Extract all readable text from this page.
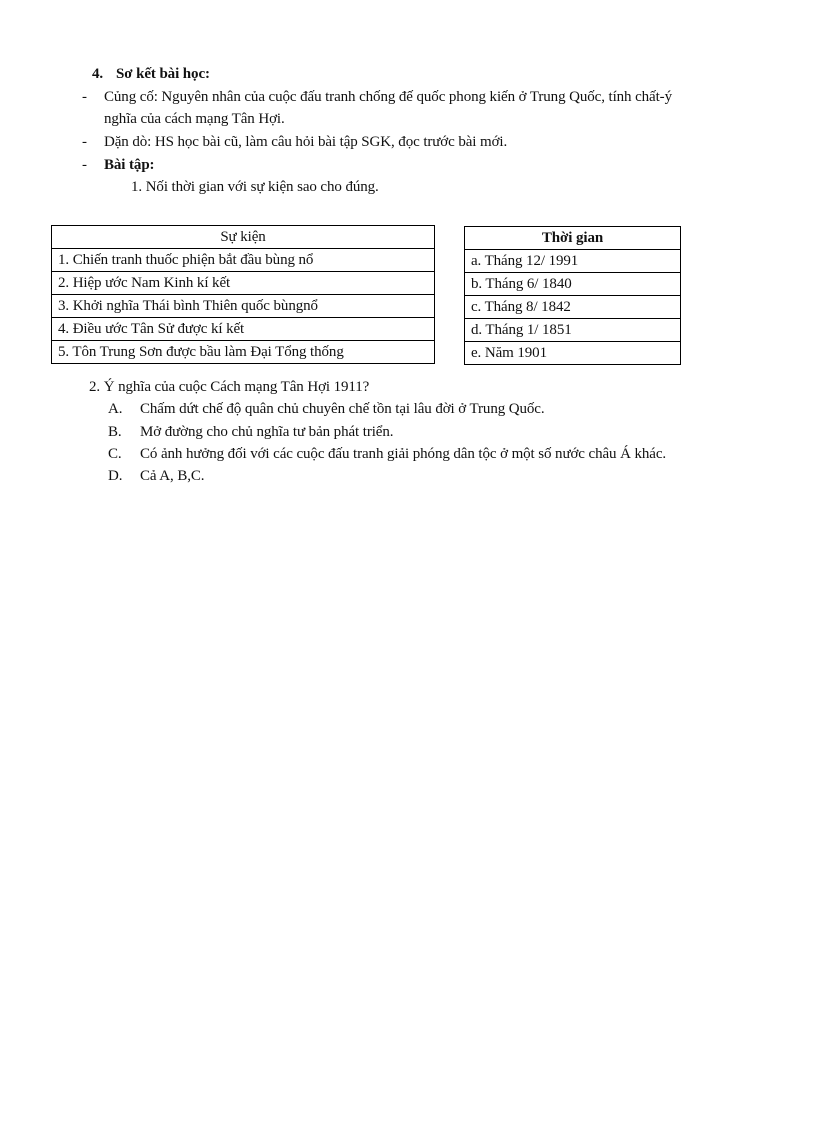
4. Sơ kết bài học:
- Củng cố: Nguyên nhân của cuộc đấu tranh chống đế quốc phong kiến ở Trung Quốc, tính chất-ý
nghĩa của cách mạng Tân Hợi.
- Dặn dò: HS học bài cũ, làm câu hỏi bài tập SGK, đọc trước bài mới.
- Bài tập:
1. Nối thời gian với sự kiện sao cho đúng.
Sự kiện
1. Chiến tranh thuốc phiện bắt đầu bùng nổ
2. Hiệp ước Nam Kinh kí kết
3. Khởi nghĩa Thái bình Thiên quốc bùngnổ
4. Điều ước Tân Sử được kí kết
5. Tôn Trung Sơn được bầu làm Đại Tổng thống
Thời gian
a. Tháng 12/ 1991
b. Tháng 6/ 1840
c. Tháng 8/ 1842
d. Tháng 1/ 1851
e. Năm 1901
2. Ý nghĩa của cuộc Cách mạng Tân Hợi 1911?
A. Chấm dứt chế độ quân chủ chuyên chế tồn tại lâu đời ở Trung Quốc.
B. Mở đường cho chủ nghĩa tư bản phát triển.
C. Có ảnh hưởng đối với các cuộc đấu tranh giải phóng dân tộc ở một số nước châu Á khác.
D. Cả A, B,C.
